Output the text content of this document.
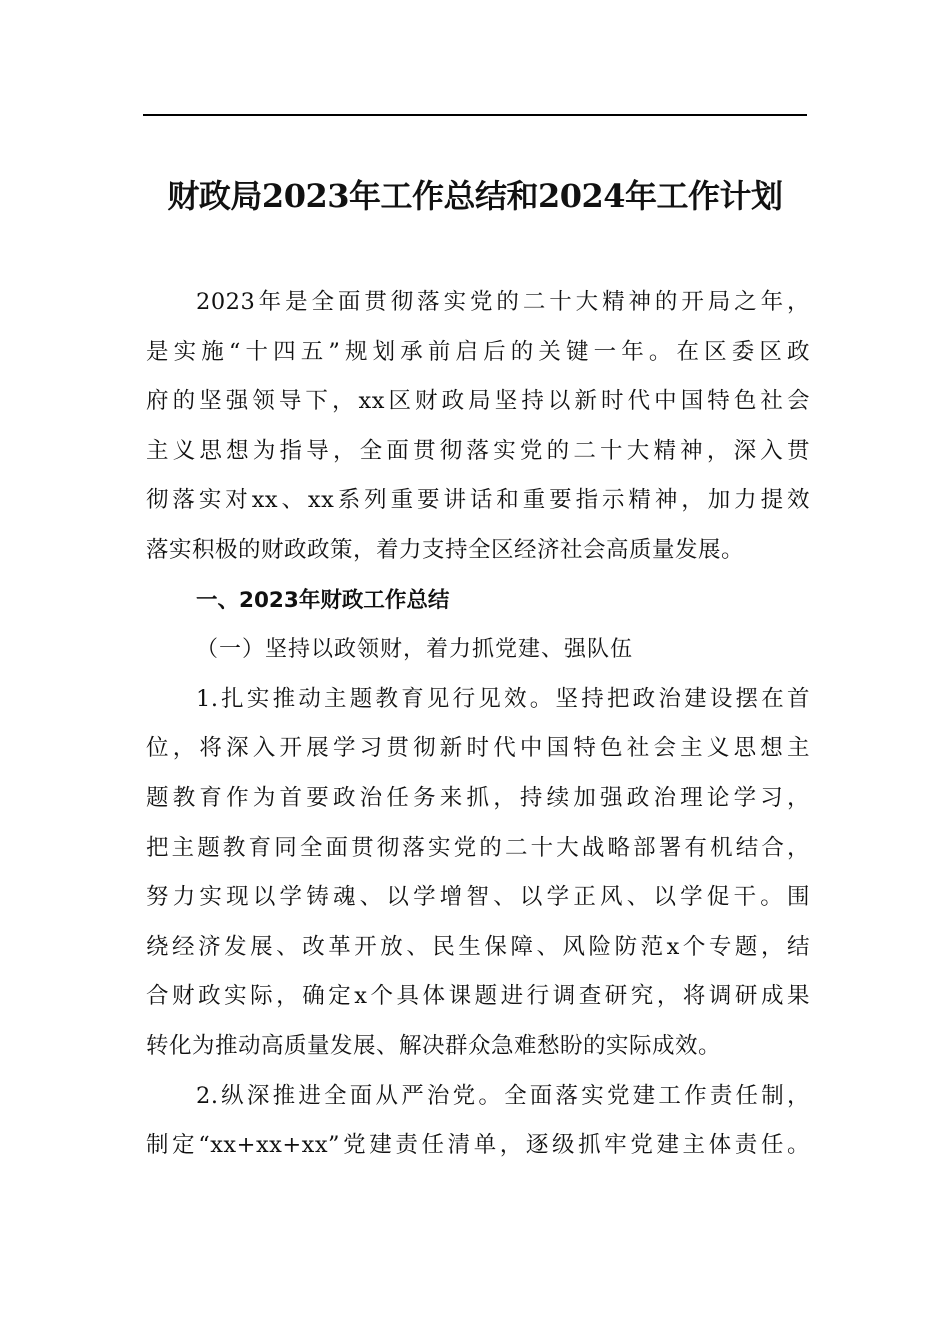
财政局2023年工作总结和2024年工作计划
2023年是全面贯彻落实党的二十大精神的开局之年，
是实施“十四五”规划承前启后的关键一年。在区委区政
府的坚强领导下，xx区财政局坚持以新时代中国特色社会
主义思想为指导，全面贯彻落实党的二十大精神，深入贯
彻落实对xx、xx系列重要讲话和重要指示精神，加力提效
落实积极的财政政策，着力支持全区经济社会高质量发展。
一、2023年财政工作总结
（一）坚持以政领财，着力抓党建、强队伍
1.扎实推动主题教育见行见效。坚持把政治建设摆在首
位，将深入开展学习贯彻新时代中国特色社会主义思想主
题教育作为首要政治任务来抓，持续加强政治理论学习，
把主题教育同全面贯彻落实党的二十大战略部署有机结合，
努力实现以学铸魂、以学增智、以学正风、以学促干。围
绕经济发展、改革开放、民生保障、风险防范x个专题，结
合财政实际，确定x个具体课题进行调查研究，将调研成果
转化为推动高质量发展、解决群众急难愁盼的实际成效。
2.纵深推进全面从严治党。全面落实党建工作责任制，
制定“xx+xx+xx”党建责任清单，逐级抓牢党建主体责任。
